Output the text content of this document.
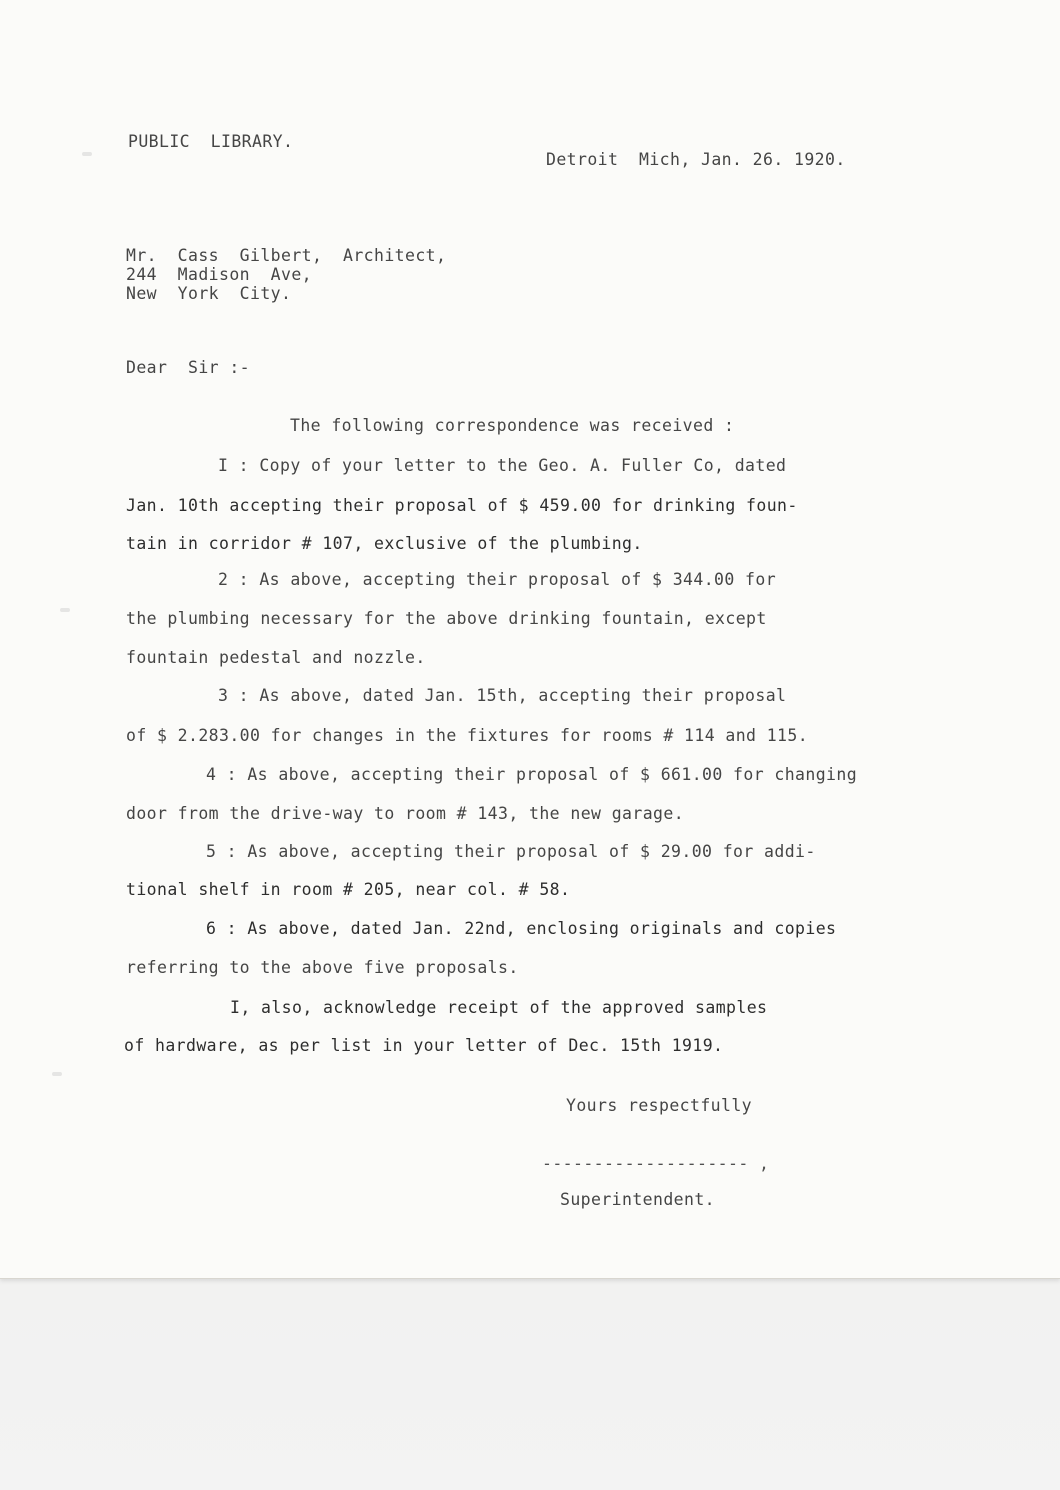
PUBLIC  LIBRARY.
Detroit  Mich, Jan. 26. 1920.
Mr.  Cass  Gilbert,  Architect,
244  Madison  Ave,
New  York  City.
Dear  Sir :-
The following correspondence was received :
I : Copy of your letter to the Geo. A. Fuller Co, dated
Jan. 10th accepting their proposal of $ 459.00 for drinking foun-
tain in corridor # 107, exclusive of the plumbing.
2 : As above, accepting their proposal of $ 344.00 for
the plumbing necessary for the above drinking fountain, except
fountain pedestal and nozzle.
3 : As above, dated Jan. 15th, accepting their proposal
of $ 2.283.00 for changes in the fixtures for rooms # 114 and 115.
4 : As above, accepting their proposal of $ 661.00 for changing
door from the drive-way to room # 143, the new garage.
5 : As above, accepting their proposal of $ 29.00 for addi-
tional shelf in room # 205, near col. # 58.
6 : As above, dated Jan. 22nd, enclosing originals and copies
referring to the above five proposals.
I, also, acknowledge receipt of the approved samples
of hardware, as per list in your letter of Dec. 15th 1919.
Yours respectfully
-------------------- ,
Superintendent.
